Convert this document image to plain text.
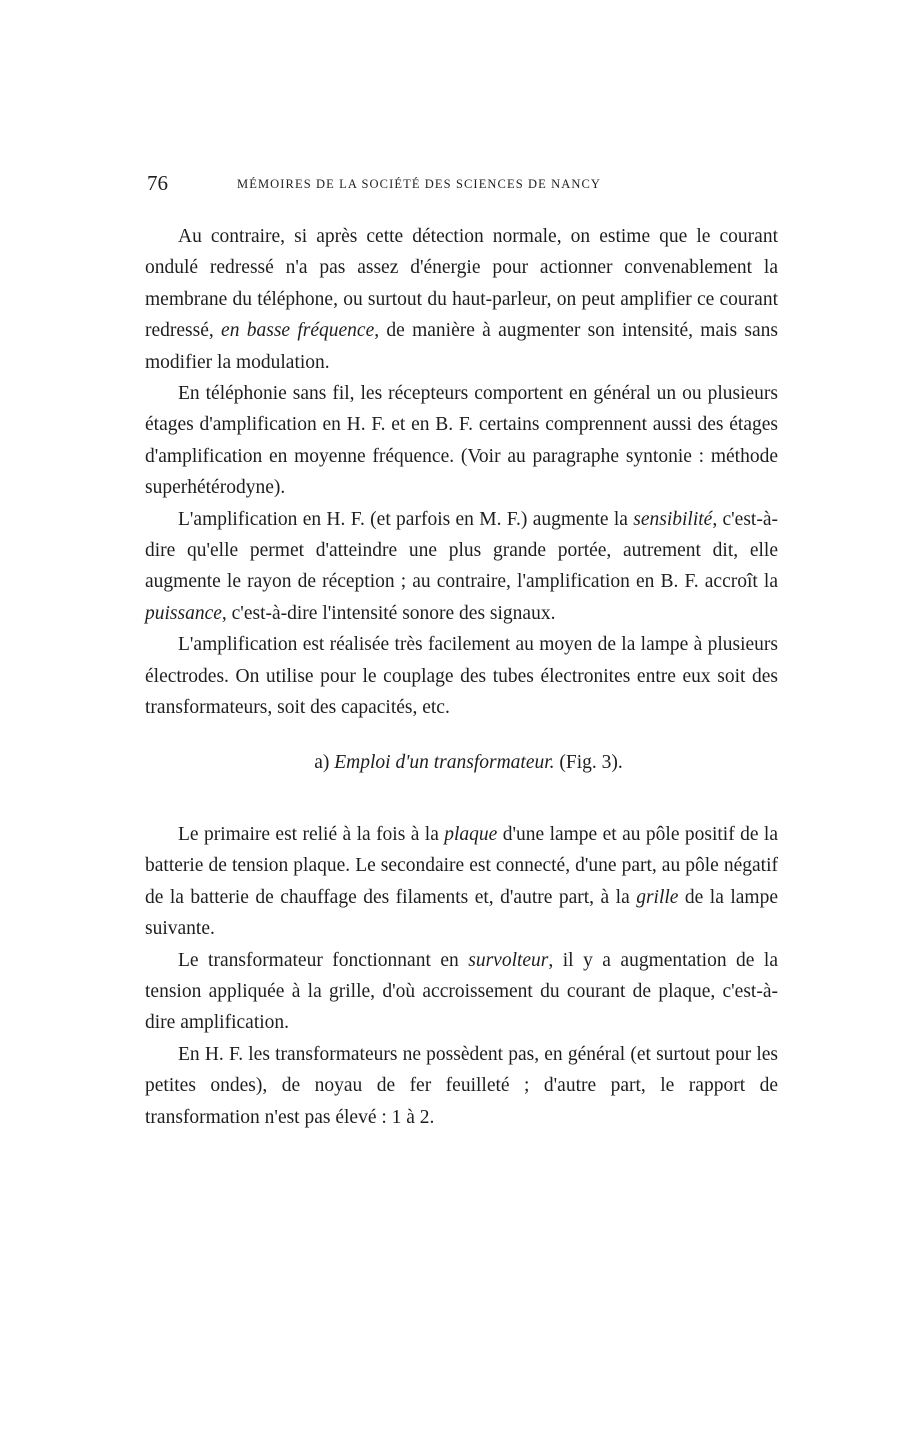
76	MÉMOIRES DE LA SOCIÉTÉ DES SCIENCES DE NANCY

Au contraire, si après cette détection normale, on estime que le courant ondulé redressé n'a pas assez d'énergie pour actionner convenablement la membrane du téléphone, ou surtout du haut-parleur, on peut amplifier ce courant redressé, en basse fréquence, de manière à augmenter son intensité, mais sans modifier la modulation.

En téléphonie sans fil, les récepteurs comportent en général un ou plusieurs étages d'amplification en H. F. et en B. F. certains comprennent aussi des étages d'amplification en moyenne fréquence. (Voir au paragraphe syntonie : méthode superhétérodyne).

L'amplification en H. F. (et parfois en M. F.) augmente la sensibilité, c'est-à-dire qu'elle permet d'atteindre une plus grande portée, autrement dit, elle augmente le rayon de réception ; au contraire, l'amplification en B. F. accroît la puissance, c'est-à-dire l'intensité sonore des signaux.

L'amplification est réalisée très facilement au moyen de la lampe à plusieurs électrodes. On utilise pour le couplage des tubes électronites entre eux soit des transformateurs, soit des capacités, etc.

a) Emploi d'un transformateur. (Fig. 3).

Le primaire est relié à la fois à la plaque d'une lampe et au pôle positif de la batterie de tension plaque. Le secondaire est connecté, d'une part, au pôle négatif de la batterie de chauffage des filaments et, d'autre part, à la grille de la lampe suivante.

Le transformateur fonctionnant en survolteur, il y a augmentation de la tension appliquée à la grille, d'où accroissement du courant de plaque, c'est-à-dire amplification.

En H. F. les transformateurs ne possèdent pas, en général (et surtout pour les petites ondes), de noyau de fer feuilleté ; d'autre part, le rapport de transformation n'est pas élevé : 1 à 2.
